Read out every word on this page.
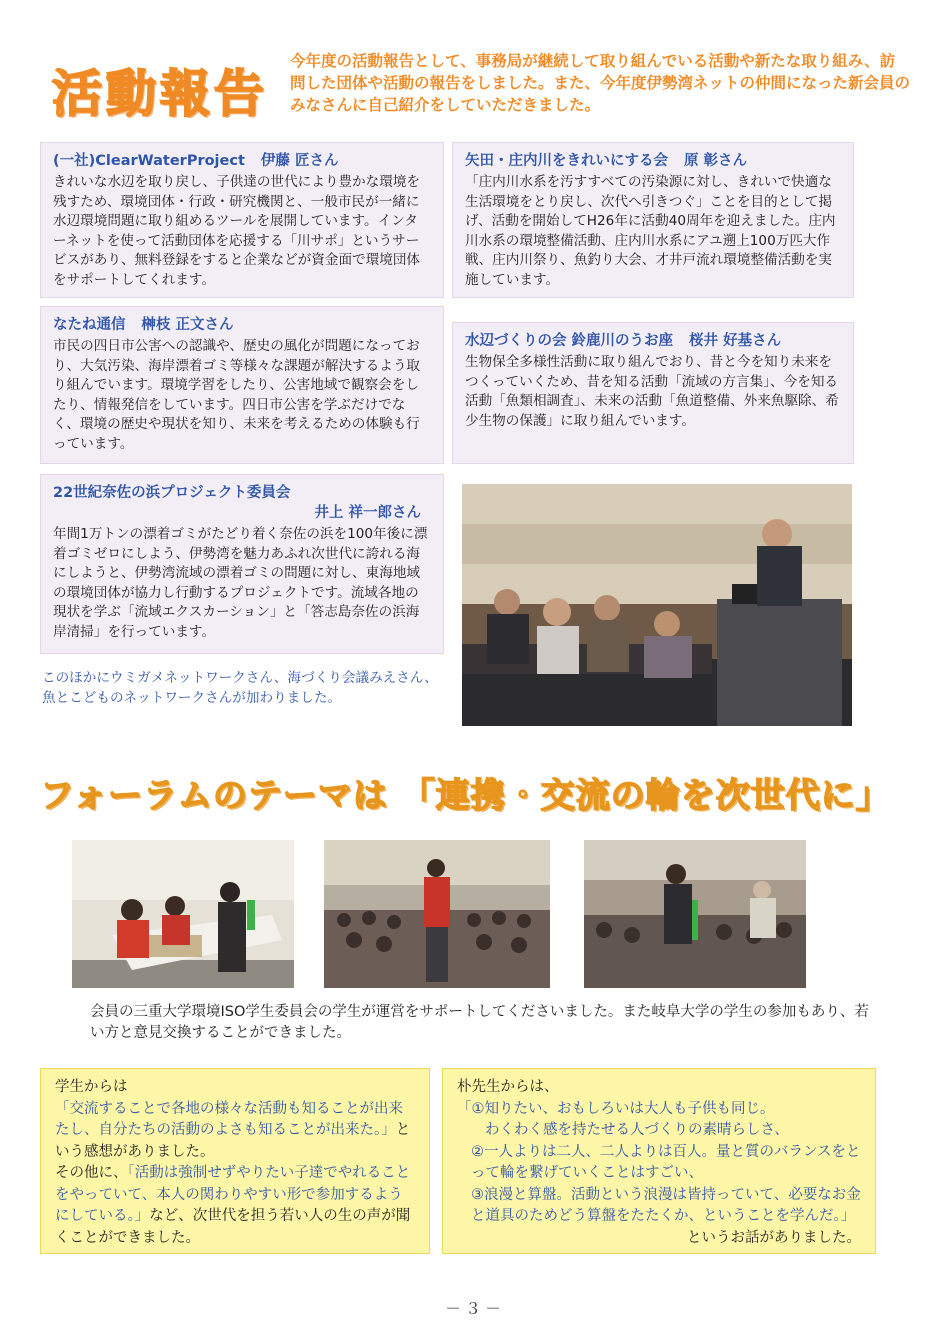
活動報告
今年度の活動報告として、事務局が継続して取り組んでいる活動や新たな取り組み、訪問した団体や活動の報告をしました。また、今年度伊勢湾ネットの仲間になった新会員のみなさんに自己紹介をしていただきました。
(一社)ClearWaterProject 伊藤 匠さん
きれいな水辺を取り戻し、子供達の世代により豊かな環境を残すため、環境団体・行政・研究機関と、一般市民が一緒に水辺環境問題に取り組めるツールを展開しています。インターネットを使って活動団体を応援する「川サポ」というサービスがあり、無料登録をすると企業などが資金面で環境団体をサポートしてくれます。
矢田・庄内川をきれいにする会 原 彰さん
「庄内川水系を汚すすべての汚染源に対し、きれいで快適な生活環境をとり戻し、次代へ引きつぐ」ことを目的として掲げ、活動を開始してH26年に活動40周年を迎えました。庄内川水系の環境整備活動、庄内川水系にアユ遡上100万匹大作戦、庄内川祭り、魚釣り大会、才井戸流れ環境整備活動を実施しています。
なたね通信 榊枝 正文さん
市民の四日市公害への認識や、歴史の風化が問題になっており、大気汚染、海岸漂着ゴミ等様々な課題が解決するよう取り組んでいます。環境学習をしたり、公害地域で観察会をしたり、情報発信をしています。四日市公害を学ぶだけでなく、環境の歴史や現状を知り、未来を考えるための体験も行っています。
水辺づくりの会 鈴鹿川のうお座 桜井 好基さん
生物保全多様性活動に取り組んでおり、昔と今を知り未来をつくっていくため、昔を知る活動「流域の方言集」、今を知る活動「魚類相調査」、未来の活動「魚道整備、外来魚駆除、希少生物の保護」に取り組んでいます。
22世紀奈佐の浜プロジェクト委員会
井上 祥一郎さん
年間1万トンの漂着ゴミがたどり着く奈佐の浜を100年後に漂着ゴミゼロにしよう、伊勢湾を魅力あふれ次世代に誇れる海にしようと、伊勢湾流域の漂着ゴミの問題に対し、東海地域の環境団体が協力し行動するプロジェクトです。流域各地の現状を学ぶ「流域エクスカーション」と「答志島奈佐の浜海岸清掃」を行っています。
このほかにウミガメネットワークさん、海づくり会議みえさん、魚とこどものネットワークさんが加わりました。
フォーラムのテーマは 「連携・交流の輪を次世代に」
会員の三重大学環境ISO学生委員会の学生が運営をサポートしてくださいました。また岐阜大学の学生の参加もあり、若い方と意見交換することができました。
学生からは
「交流することで各地の様々な活動も知ることが出来たし、自分たちの活動のよさも知ることが出来た。」という感想がありました。
その他に、「活動は強制せずやりたい子達でやれることをやっていて、本人の関わりやすい形で参加するようにしている。」など、次世代を担う若い人の生の声が聞くことができました。
朴先生からは、
「①知りたい、おもしろいは大人も子供も同じ。
わくわく感を持たせる人づくりの素晴らしさ、
②一人よりは二人、二人よりは百人。量と質のバランスをとって輪を繋げていくことはすごい、
③浪漫と算盤。活動という浪漫は皆持っていて、必要なお金と道具のためどう算盤をたたくか、ということを学んだ。」
というお話がありました。
－３－
